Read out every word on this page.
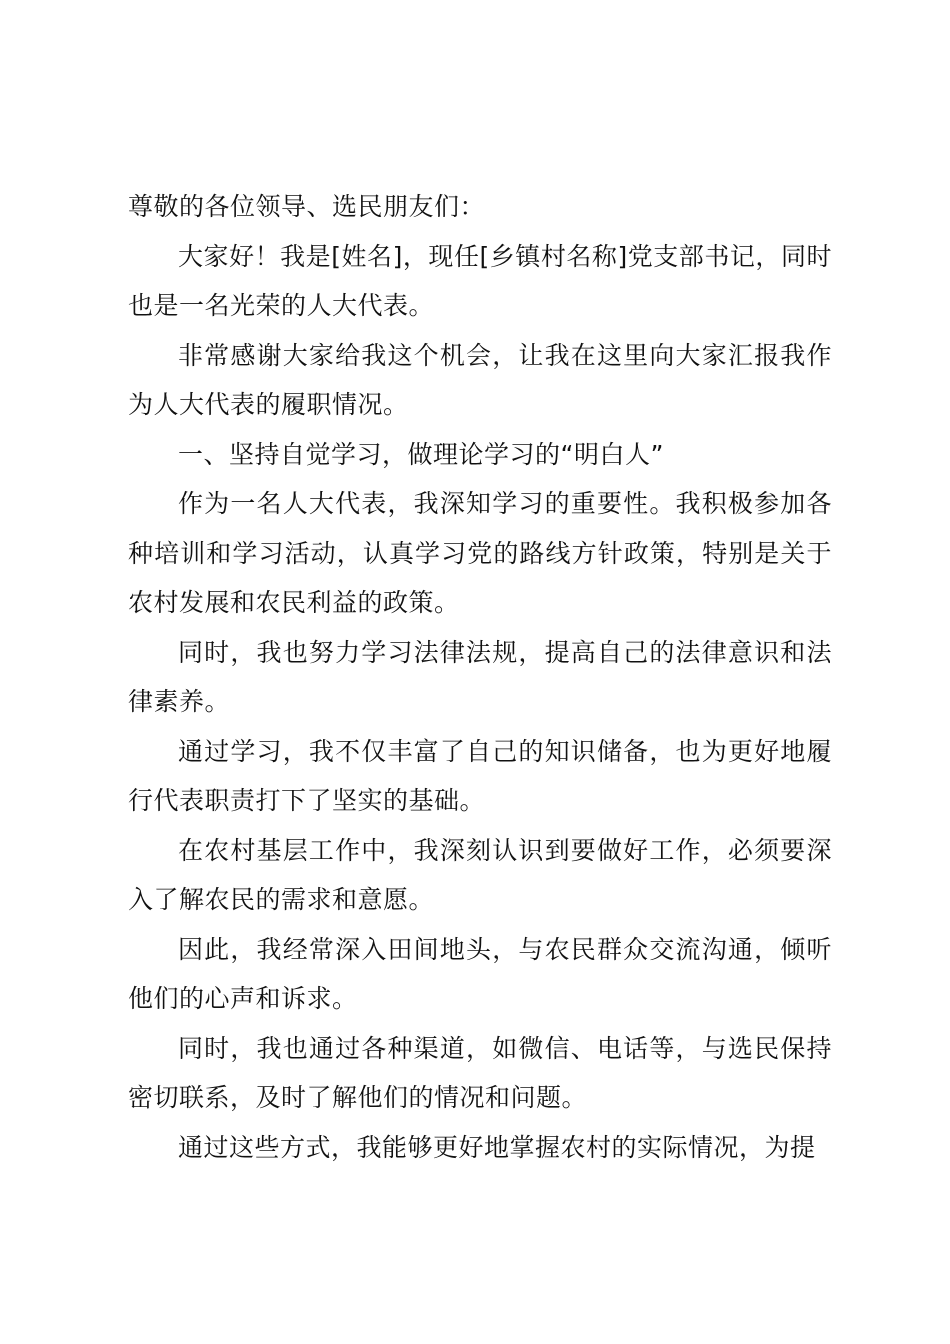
尊敬的各位领导、选民朋友们：

大家好！我是[姓名]，现任[乡镇村名称]党支部书记，同时也是一名光荣的人大代表。

非常感谢大家给我这个机会，让我在这里向大家汇报我作为人大代表的履职情况。

一、坚持自觉学习，做理论学习的“明白人”

作为一名人大代表，我深知学习的重要性。我积极参加各种培训和学习活动，认真学习党的路线方针政策，特别是关于农村发展和农民利益的政策。

同时，我也努力学习法律法规，提高自己的法律意识和法律素养。

通过学习，我不仅丰富了自己的知识储备，也为更好地履行代表职责打下了坚实的基础。

在农村基层工作中，我深刻认识到要做好工作，必须要深入了解农民的需求和意愿。

因此，我经常深入田间地头，与农民群众交流沟通，倾听他们的心声和诉求。

同时，我也通过各种渠道，如微信、电话等，与选民保持密切联系，及时了解他们的情况和问题。

通过这些方式，我能够更好地掌握农村的实际情况，为提
